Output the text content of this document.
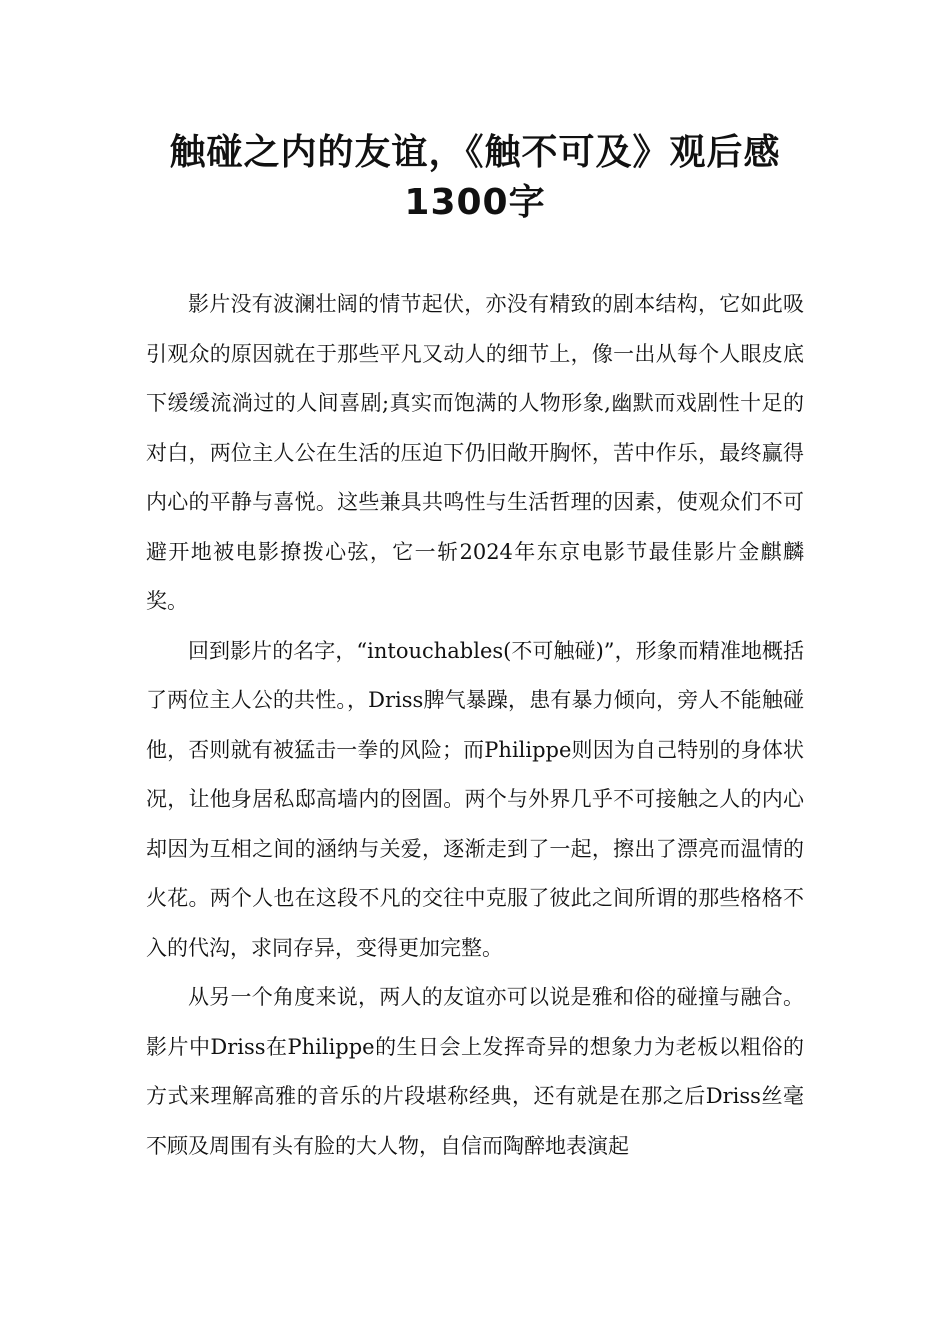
触碰之内的友谊，《触不可及》观后感
1300字

影片没有波澜壮阔的情节起伏，亦没有精致的剧本结构，它如此吸引观众的原因就在于那些平凡又动人的细节上，像一出从每个人眼皮底下缓缓流淌过的人间喜剧;真实而饱满的人物形象,幽默而戏剧性十足的对白，两位主人公在生活的压迫下仍旧敞开胸怀，苦中作乐，最终赢得内心的平静与喜悦。这些兼具共鸣性与生活哲理的因素，使观众们不可避开地被电影撩拨心弦，它一斩2024年东京电影节最佳影片金麒麟奖。

回到影片的名字，“intouchables(不可触碰)”，形象而精准地概括了两位主人公的共性。，Driss脾气暴躁，患有暴力倾向，旁人不能触碰他，否则就有被猛击一拳的风险；而Philippe则因为自己特别的身体状况，让他身居私邸高墙内的囹圄。两个与外界几乎不可接触之人的内心却因为互相之间的涵纳与关爱，逐渐走到了一起，擦出了漂亮而温情的火花。两个人也在这段不凡的交往中克服了彼此之间所谓的那些格格不入的代沟，求同存异，变得更加完整。

从另一个角度来说，两人的友谊亦可以说是雅和俗的碰撞与融合。影片中Driss在Philippe的生日会上发挥奇异的想象力为老板以粗俗的方式来理解高雅的音乐的片段堪称经典，还有就是在那之后Driss丝毫不顾及周围有头有脸的大人物，自信而陶醉地表演起
